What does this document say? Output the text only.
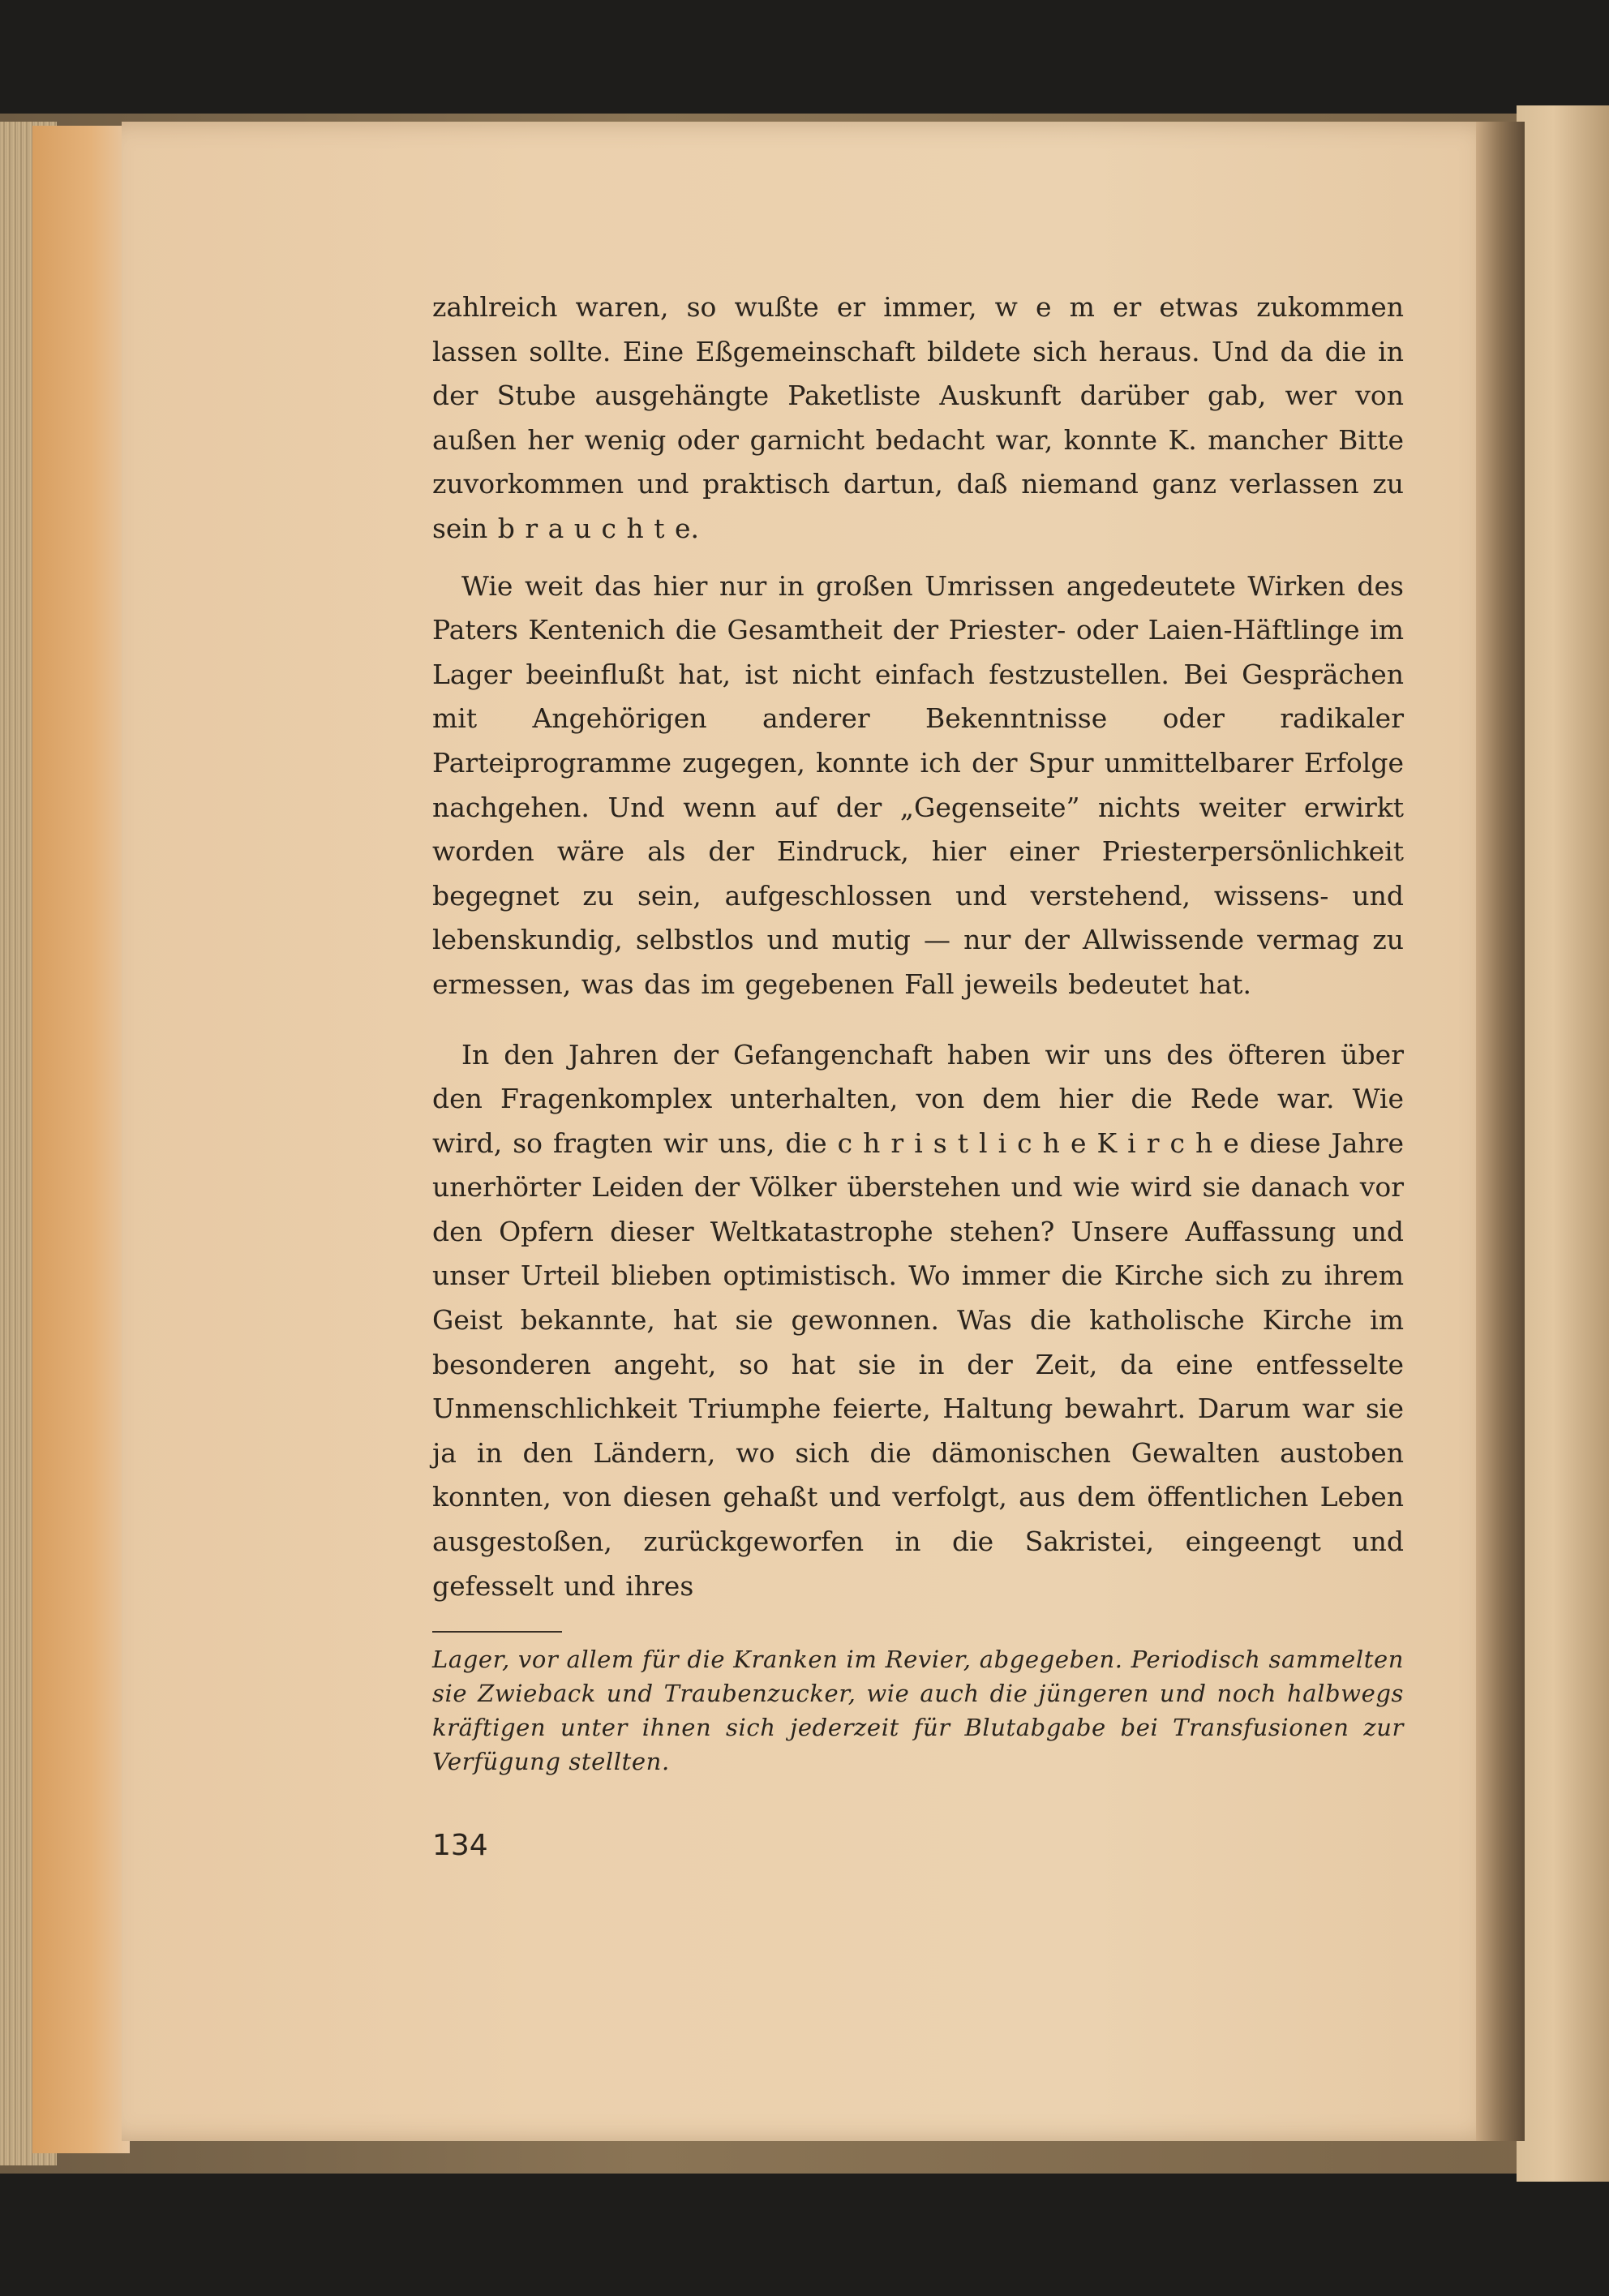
zahlreich waren, so wußte er immer, w e m er etwas zukommen lassen sollte. Eine Eßgemeinschaft bildete sich heraus. Und da die in der Stube ausgehängte Paketliste Auskunft darüber gab, wer von außen her wenig oder garnicht bedacht war, konnte K. mancher Bitte zuvorkommen und praktisch dartun, daß niemand ganz verlassen zu sein b r a u c h t e.

Wie weit das hier nur in großen Umrissen angedeutete Wirken des Paters Kentenich die Gesamtheit der Priester- oder Laien-Häftlinge im Lager beeinflußt hat, ist nicht einfach festzustellen. Bei Gesprächen mit Angehörigen anderer Bekenntnisse oder radikaler Parteiprogramme zugegen, konnte ich der Spur unmittelbarer Erfolge nachgehen. Und wenn auf der „Gegenseite” nichts weiter erwirkt worden wäre als der Eindruck, hier einer Priesterpersönlichkeit begegnet zu sein, aufgeschlossen und verstehend, wissens- und lebenskundig, selbstlos und mutig — nur der Allwissende vermag zu ermessen, was das im gegebenen Fall jeweils bedeutet hat.

In den Jahren der Gefangenchaft haben wir uns des öfteren über den Fragenkomplex unterhalten, von dem hier die Rede war. Wie wird, so fragten wir uns, die c h r i s t l i c h e K i r c h e diese Jahre unerhörter Leiden der Völker überstehen und wie wird sie danach vor den Opfern dieser Weltkatastrophe stehen? Unsere Auffassung und unser Urteil blieben optimistisch. Wo immer die Kirche sich zu ihrem Geist bekannte, hat sie gewonnen. Was die katholische Kirche im besonderen angeht, so hat sie in der Zeit, da eine entfesselte Unmenschlichkeit Triumphe feierte, Haltung bewahrt. Darum war sie ja in den Ländern, wo sich die dämonischen Gewalten austoben konnten, von diesen gehaßt und verfolgt, aus dem öffentlichen Leben ausgestoßen, zurückgeworfen in die Sakristei, eingeengt und gefesselt und ihres

Lager, vor allem für die Kranken im Revier, abgegeben. Periodisch sammelten sie Zwieback und Traubenzucker, wie auch die jüngeren und noch halbwegs kräftigen unter ihnen sich jederzeit für Blutabgabe bei Transfusionen zur Verfügung stellten.

134
